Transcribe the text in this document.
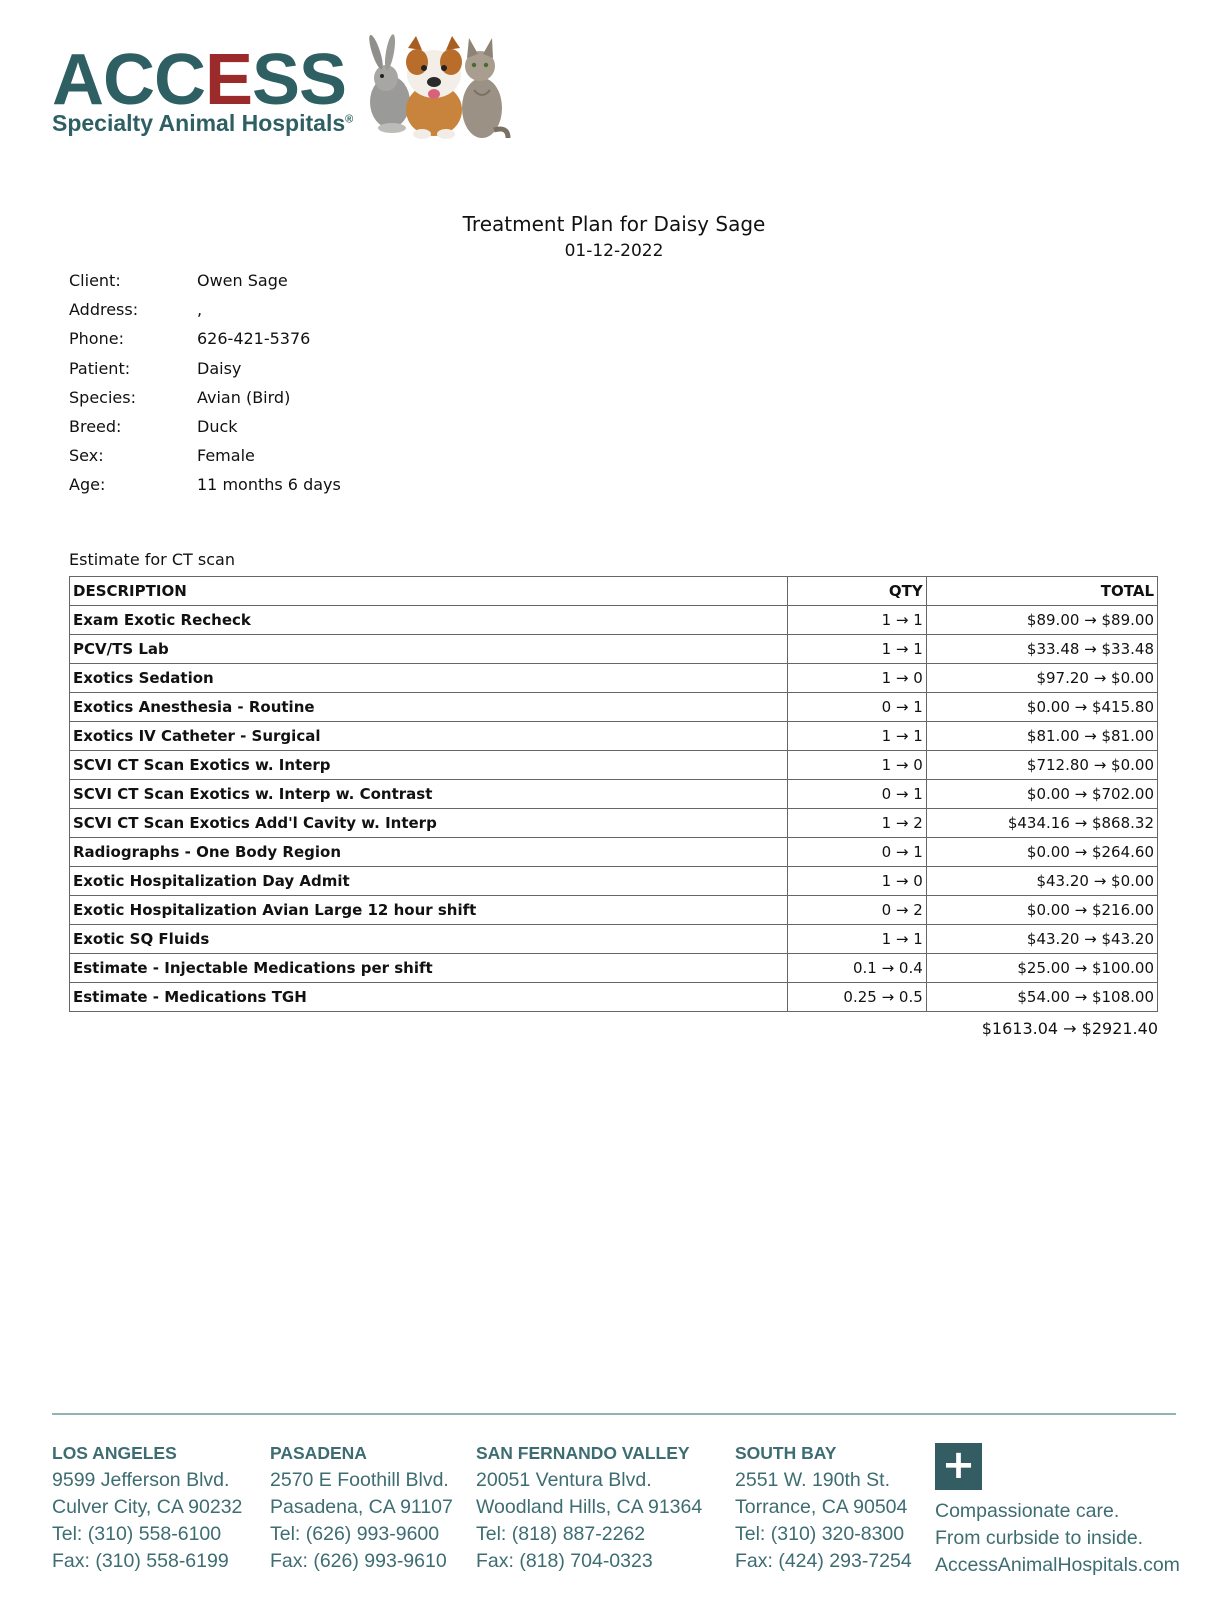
ACCESS
Specialty Animal Hospitals®
Treatment Plan for Daisy Sage
01-12-2022
Client:	Owen Sage
Address:	,
Phone:	626-421-5376
Patient:	Daisy
Species:	Avian (Bird)
Breed:	Duck
Sex:	Female
Age:	11 months 6 days
Estimate for CT scan
DESCRIPTION	QTY	TOTAL
Exam Exotic Recheck	1 → 1	$89.00 → $89.00
PCV/TS Lab	1 → 1	$33.48 → $33.48
Exotics Sedation	1 → 0	$97.20 → $0.00
Exotics Anesthesia - Routine	0 → 1	$0.00 → $415.80
Exotics IV Catheter - Surgical	1 → 1	$81.00 → $81.00
SCVI CT Scan Exotics w. Interp	1 → 0	$712.80 → $0.00
SCVI CT Scan Exotics w. Interp w. Contrast	0 → 1	$0.00 → $702.00
SCVI CT Scan Exotics Add'l Cavity w. Interp	1 → 2	$434.16 → $868.32
Radiographs - One Body Region	0 → 1	$0.00 → $264.60
Exotic Hospitalization Day Admit	1 → 0	$43.20 → $0.00
Exotic Hospitalization Avian Large 12 hour shift	0 → 2	$0.00 → $216.00
Exotic SQ Fluids	1 → 1	$43.20 → $43.20
Estimate - Injectable Medications per shift	0.1 → 0.4	$25.00 → $100.00
Estimate - Medications TGH	0.25 → 0.5	$54.00 → $108.00
$1613.04 → $2921.40
LOS ANGELES
9599 Jefferson Blvd.
Culver City, CA 90232
Tel: (310) 558-6100
Fax: (310) 558-6199
PASADENA
2570 E Foothill Blvd.
Pasadena, CA 91107
Tel: (626) 993-9600
Fax: (626) 993-9610
SAN FERNANDO VALLEY
20051 Ventura Blvd.
Woodland Hills, CA 91364
Tel: (818) 887-2262
Fax: (818) 704-0323
SOUTH BAY
2551 W. 190th St.
Torrance, CA 90504
Tel: (310) 320-8300
Fax: (424) 293-7254
+
Compassionate care.
From curbside to inside.
AccessAnimalHospitals.com
